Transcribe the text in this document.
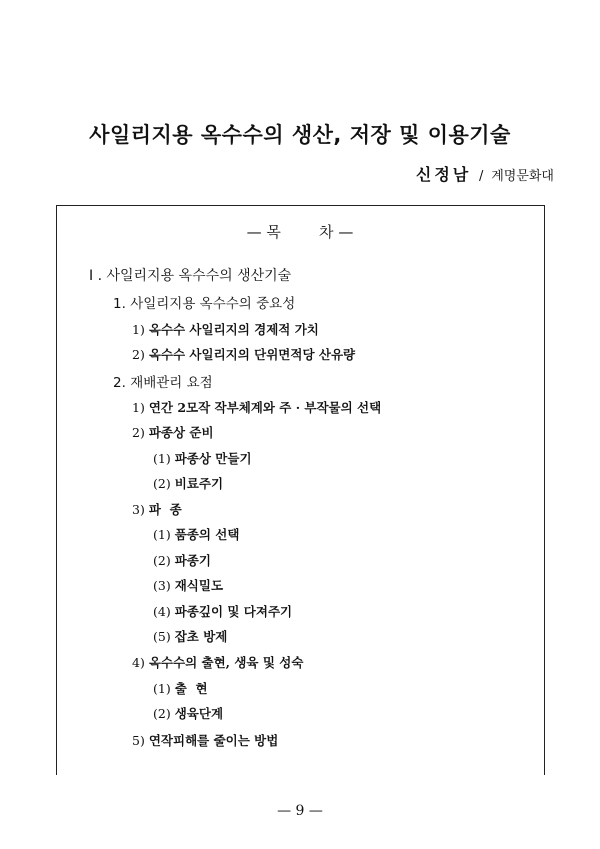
사일리지용 옥수수의 생산, 저장 및 이용기술
신정남 / 계명문화대
— 목        차 —
I . 사일리지용 옥수수의 생산기술
1. 사일리지용 옥수수의 중요성
1) 옥수수 사일리지의 경제적 가치
2) 옥수수 사일리지의 단위면적당 산유량
2. 재배관리 요점
1) 연간 2모작 작부체계와 주 · 부작물의 선택
2) 파종상 준비
(1) 파종상 만들기
(2) 비료주기
3) 파  종
(1) 품종의 선택
(2) 파종기
(3) 재식밀도
(4) 파종깊이 및 다져주기
(5) 잡초 방제
4) 옥수수의 출현, 생육 및 성숙
(1) 출  현
(2) 생육단계
5) 연작피해를 줄이는 방법
— 9 —
